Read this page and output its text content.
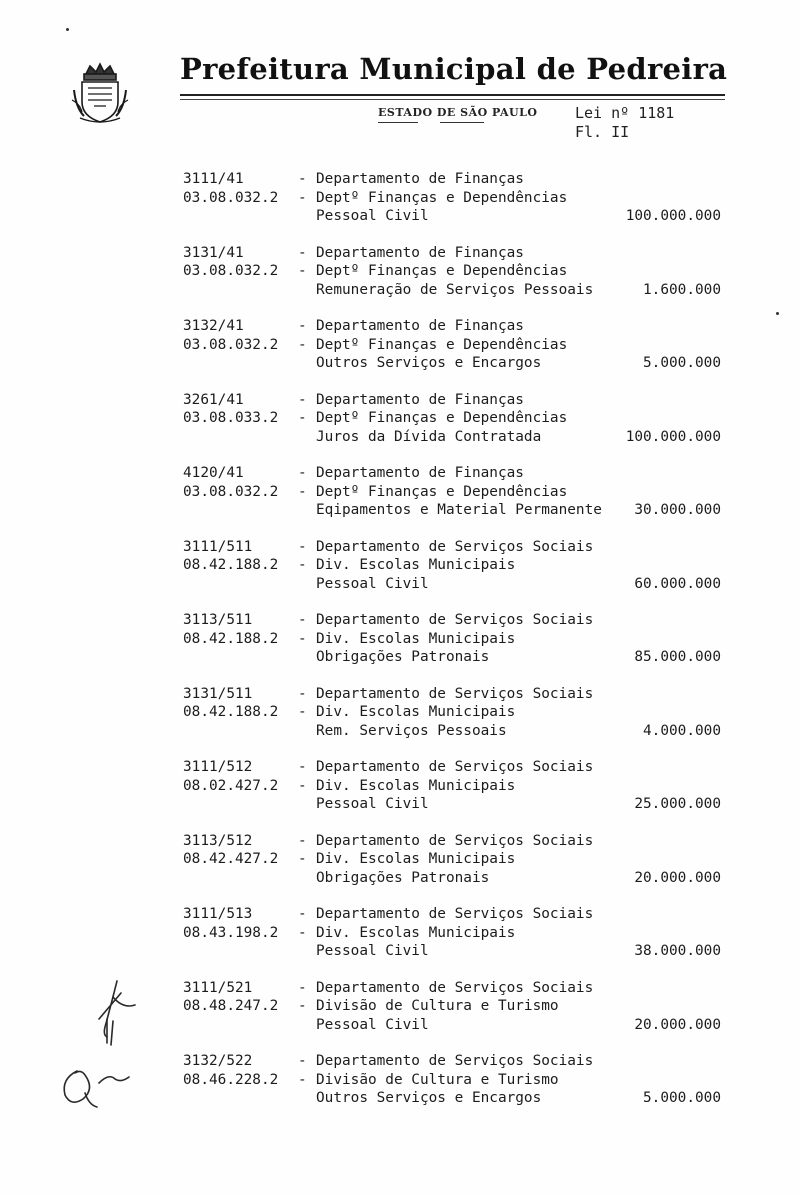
Prefeitura Municipal de Pedreira
ESTADO DE SÃO PAULO	Lei nº 1181
Fl. II
3111/41	- Departamento de Finanças
03.08.032.2 - Deptº Finanças e Dependências
Pessoal Civil	100.000.000
3131/41	- Departamento de Finanças
03.08.032.2 - Deptº Finanças e Dependências
Remuneração de Serviços Pessoais	1.600.000
3132/41	- Departamento de Finanças
03.08.032.2 - Deptº Finanças e Dependências
Outros Serviços e Encargos	5.000.000
3261/41	- Departamento de Finanças
03.08.033.2 - Deptº Finanças e Dependências
Juros da Dívida Contratada	100.000.000
4120/41	- Departamento de Finanças
03.08.032.2 - Deptº Finanças e Dependências
Eqipamentos e Material Permanente 30.000.000
3111/511	- Departamento de Serviços Sociais
08.42.188.2 - Div. Escolas Municipais
Pessoal Civil	60.000.000
3113/511	- Departamento de Serviços Sociais
08.42.188.2 - Div. Escolas Municipais
Obrigações Patronais	85.000.000
3131/511	- Departamento de Serviços Sociais
08.42.188.2 - Div. Escolas Municipais
Rem. Serviços Pessoais	4.000.000
3111/512	- Departamento de Serviços Sociais
08.02.427.2 - Div. Escolas Municipais
Pessoal Civil	25.000.000
3113/512	- Departamento de Serviços Sociais
08.42.427.2 - Div. Escolas Municipais
Obrigações Patronais	20.000.000
3111/513	- Departamento de Serviços Sociais
08.43.198.2 - Div. Escolas Municipais
Pessoal Civil	38.000.000
3111/521	- Departamento de Serviços Sociais
08.48.247.2 - Divisão de Cultura e Turismo
Pessoal Civil	20.000.000
3132/522	- Departamento de Serviços Sociais
08.46.228.2 - Divisão de Cultura e Turismo
Outros Serviços e Encargos	5.000.000
